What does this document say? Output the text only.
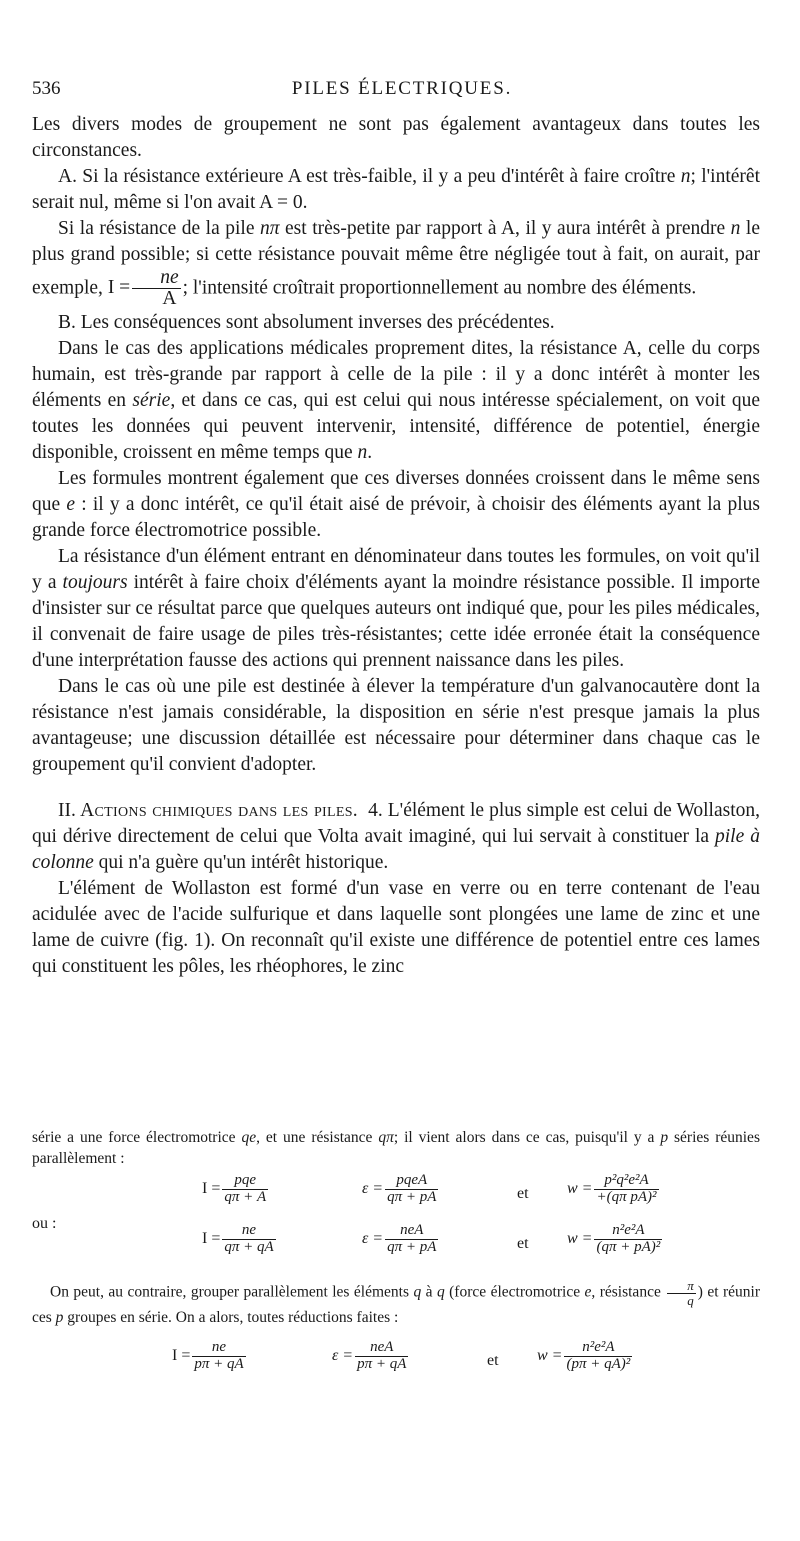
536	PILES ÉLECTRIQUES.

Les divers modes de groupement ne sont pas également avantageux dans toutes les circonstances.

A. Si la résistance extérieure A est très-faible, il y a peu d'intérêt à faire croître n; l'intérêt serait nul, même si l'on avait A = 0.

Si la résistance de la pile nπ est très-petite par rapport à A, il y aura intérêt à prendre n le plus grand possible; si cette résistance pouvait même être négligée tout à fait, on aurait, par exemple, $I = \frac{ne}{A}$ ; l'intensité croîtrait proportionnellement au nombre des éléments.

B. Les conséquences sont absolument inverses des précédentes.

Dans le cas des applications médicales proprement dites, la résistance A, celle du corps humain, est très-grande par rapport à celle de la pile : il y a donc intérêt à monter les éléments en série, et dans ce cas, qui est celui qui nous intéresse spécialement, on voit que toutes les données qui peuvent intervenir, intensité, différence de potentiel, énergie disponible, croissent en même temps que n.

Les formules montrent également que ces diverses données croissent dans le même sens que e : il y a donc intérêt, ce qu'il était aisé de prévoir, à choisir des éléments ayant la plus grande force électromotrice possible.

La résistance d'un élément entrant en dénominateur dans toutes les formules, on voit qu'il y a toujours intérêt à faire choix d'éléments ayant la moindre résistance possible. Il importe d'insister sur ce résultat parce que quelques auteurs ont indiqué que, pour les piles médicales, il convenait de faire usage de piles très-résistantes; cette idée erronée était la conséquence d'une interprétation fausse des actions qui prennent naissance dans les piles.

Dans le cas où une pile est destinée à élever la température d'un galvanocautère dont la résistance n'est jamais considérable, la disposition en série n'est presque jamais la plus avantageuse; une discussion détaillée est nécessaire pour déterminer dans chaque cas le groupement qu'il convient d'adopter.

II. Actions chimiques dans les piles. 4. L'élément le plus simple est celui de Wollaston, qui dérive directement de celui que Volta avait imaginé, qui lui servait à constituer la pile à colonne qui n'a guère qu'un intérêt historique.

L'élément de Wollaston est formé d'un vase en verre ou en terre contenant de l'eau acidulée avec de l'acide sulfurique et dans laquelle sont plongées une lame de zinc et une lame de cuivre (fig. 1). On reconnaît qu'il existe une différence de potentiel entre ces lames qui constituent les pôles, les rhéophores, le zinc

série a une force électromotrice qe, et une résistance qπ; il vient alors dans ce cas, puisqu'il y a p séries réunies parallèlement :

$I = \frac{\text{pqe}}{q\pi + A}$	$\varepsilon = \frac{\text{pqeA}}{q\pi + pA}$	et $w = \frac{\text{p²q²e²A}}{\text{+(qπ pA)²}}$
ou :
$I = \frac{ne}{q\pi + qA}$	$\varepsilon = \frac{\text{neA}}{q\pi + pA}$	et $w = \frac{\text{n²e²A}}{\text{(qπ + pA)²}}$

On peut, au contraire, grouper parallèlement les éléments q à q (force électromotrice e, résistance $\frac{\pi}{q}$ ) et réunir ces p groupes en série. On a alors, toutes réductions faites :

$I = \frac{ne}{p\pi + qA}$	$\varepsilon = \frac{\text{neA}}{p\pi + qA}$	et $w = \frac{\text{n²e²A}}{\text{(pπ + qA)²}}$
